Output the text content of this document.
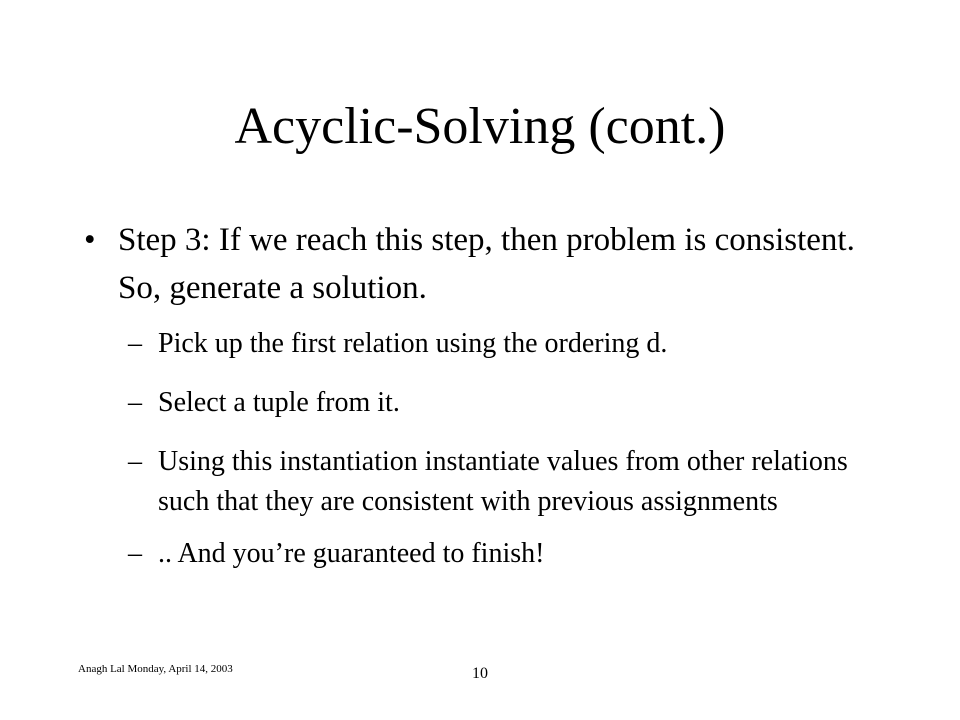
Acyclic-Solving (cont.)
• Step 3: If we reach this step, then problem is consistent. So, generate a solution.
– Pick up the first relation using the ordering d.
– Select a tuple from it.
– Using this instantiation instantiate values from other relations such that they are consistent with previous assignments
– .. And you’re guaranteed to finish!
Anagh Lal Monday, April 14, 2003	10
